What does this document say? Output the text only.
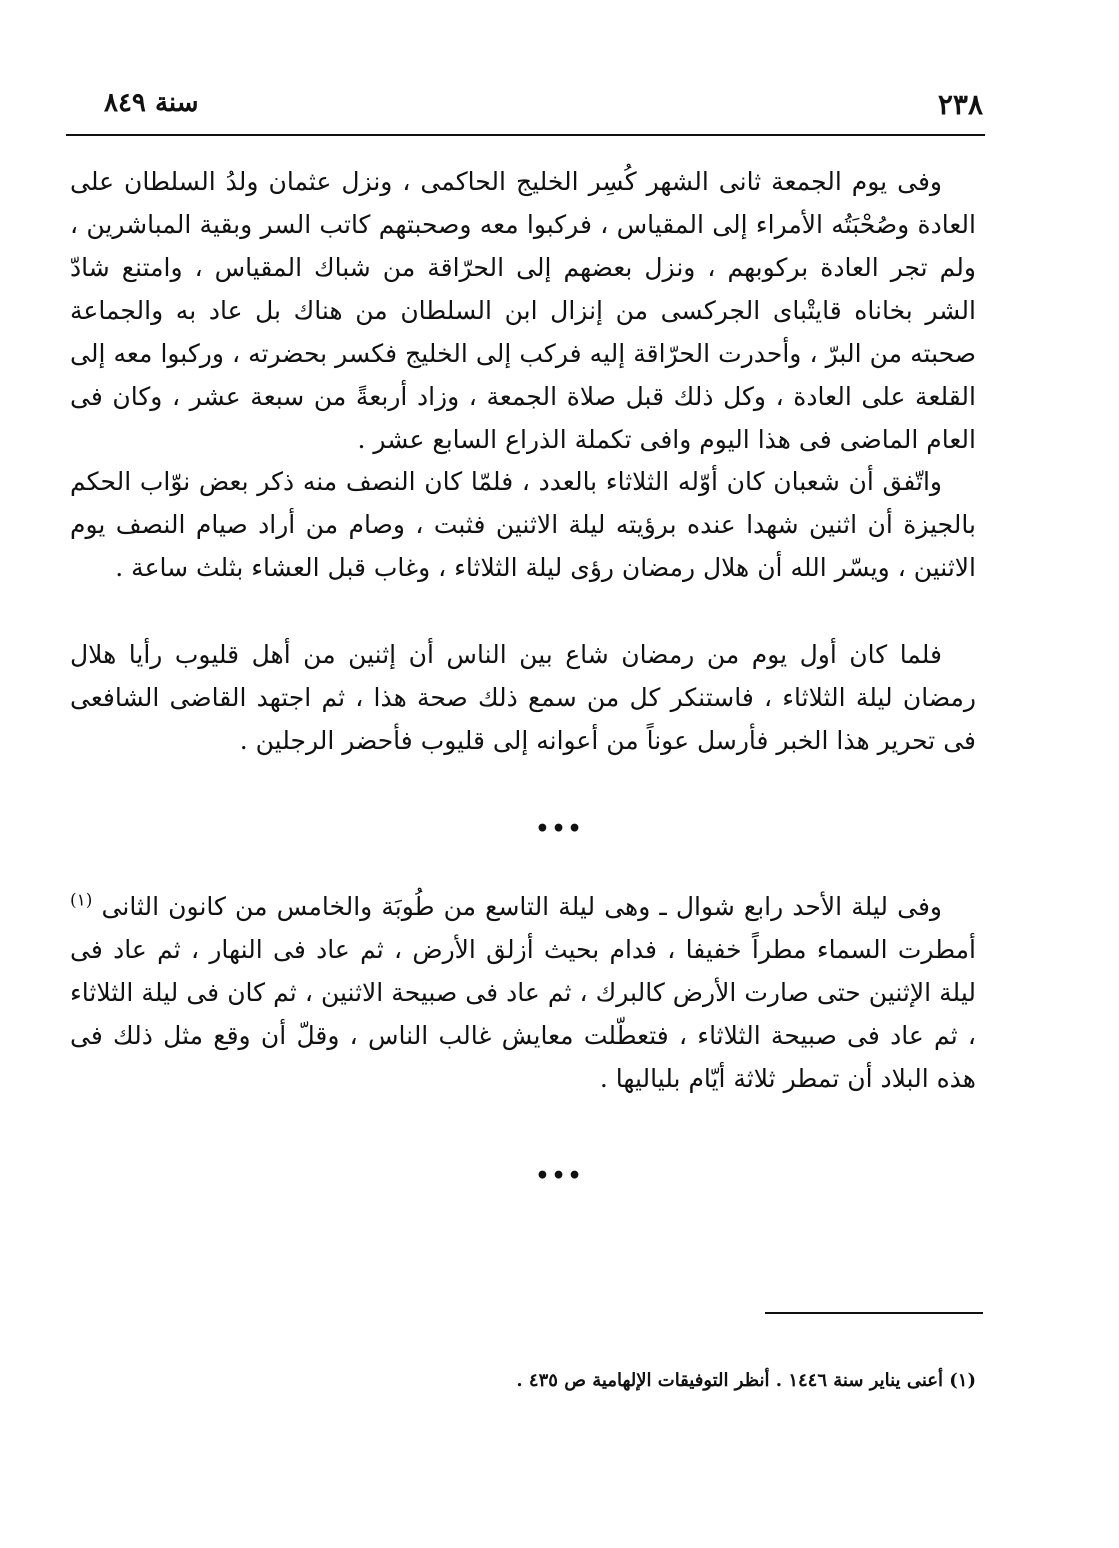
٢٣٨
سنة ٨٤٩

وفى يوم الجمعة ثانى الشهر كُسِر الخليج الحاكمى ، ونزل عثمان ولدُ السلطان على العادة وصُحْبَتُه الأمراء إلى المقياس ، فركبوا معه وصحبتهم كاتب السر وبقية المباشرين ، ولم تجر العادة بركوبهم ، ونزل بعضهم إلى الحرّاقة من شباك المقياس ، وامتنع شادّ الشر بخاناه قايتْباى الجركسى من إنزال ابن السلطان من هناك بل عاد به والجماعة صحبته من البرّ ، وأحدرت الحرّاقة إليه فركب إلى الخليج فكسر بحضرته ، وركبوا معه إلى القلعة على العادة ، وكل ذلك قبل صلاة الجمعة ، وزاد أربعةً من سبعة عشر ، وكان فى العام الماضى فى هذا اليوم وافى تكملة الذراع السابع عشر .

واتّفق أن شعبان كان أوّله الثلاثاء بالعدد ، فلمّا كان النصف منه ذكر بعض نوّاب الحكم بالجيزة أن اثنين شهدا عنده برؤيته ليلة الاثنين فثبت ، وصام من أراد صيام النصف يوم الاثنين ، ويسّر الله أن هلال رمضان رؤى ليلة الثلاثاء ، وغاب قبل العشاء بثلث ساعة .

فلما كان أول يوم من رمضان شاع بين الناس أن إثنين من أهل قليوب رأيا هلال رمضان ليلة الثلاثاء ، فاستنكر كل من سمع ذلك صحة هذا ، ثم اجتهد القاضى الشافعى فى تحرير هذا الخبر فأرسل عوناً من أعوانه إلى قليوب فأحضر الرجلين .

•••

وفى ليلة الأحد رابع شوال ـ وهى ليلة التاسع من طُوبَة والخامس من كانون الثانى $^{(١)}$ أمطرت السماء مطراً خفيفا ، فدام بحيث أزلق الأرض ، ثم عاد فى النهار ، ثم عاد فى ليلة الإثنين حتى صارت الأرض كالبرك ، ثم عاد فى صبيحة الاثنين ، ثم كان فى ليلة الثلاثاء ، ثم عاد فى صبيحة الثلاثاء ، فتعطّلت معايش غالب الناس ، وقلّ أن وقع مثل ذلك فى هذه البلاد أن تمطر ثلاثة أيّام بلياليها .

•••
(١) أعنى يناير سنة ١٤٤٦ . أنظر التوفيقات الإلهامية ص ٤٣٥ .
